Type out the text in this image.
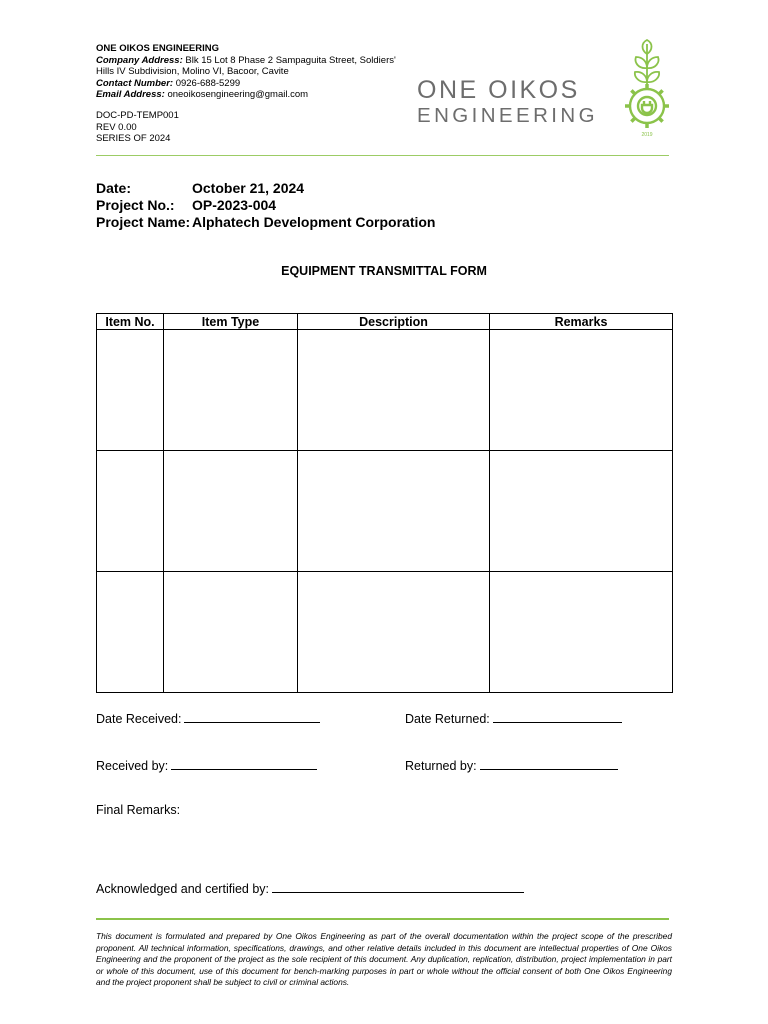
ONE OIKOS ENGINEERING
Company Address: Blk 15 Lot 8 Phase 2 Sampaguita Street, Soldiers' Hills IV Subdivision, Molino VI, Bacoor, Cavite
Contact Number: 0926-688-5299
Email Address: oneoikosengineering@gmail.com
DOC-PD-TEMP001
REV 0.00
SERIES OF 2024
ONE OIKOS
ENGINEERING
2019
Date:	October 21, 2024
Project No.:	OP-2023-004
Project Name: Alphatech Development Corporation
EQUIPMENT TRANSMITTAL FORM
Item No.	Item Type	Description	Remarks

Date Received:	Date Returned:
Received by:	Returned by:
Final Remarks:
Acknowledged and certified by:
This document is formulated and prepared by One Oikos Engineering as part of the overall documentation within the project scope of the prescribed proponent. All technical information, specifications, drawings, and other relative details included in this document are intellectual properties of One Oikos Engineering and the proponent of the project as the sole recipient of this document. Any duplication, replication, distribution, project implementation in part or whole of this document, use of this document for bench-marking purposes in part or whole without the official consent of both One Oikos Engineering and the project proponent shall be subject to civil or criminal actions.
